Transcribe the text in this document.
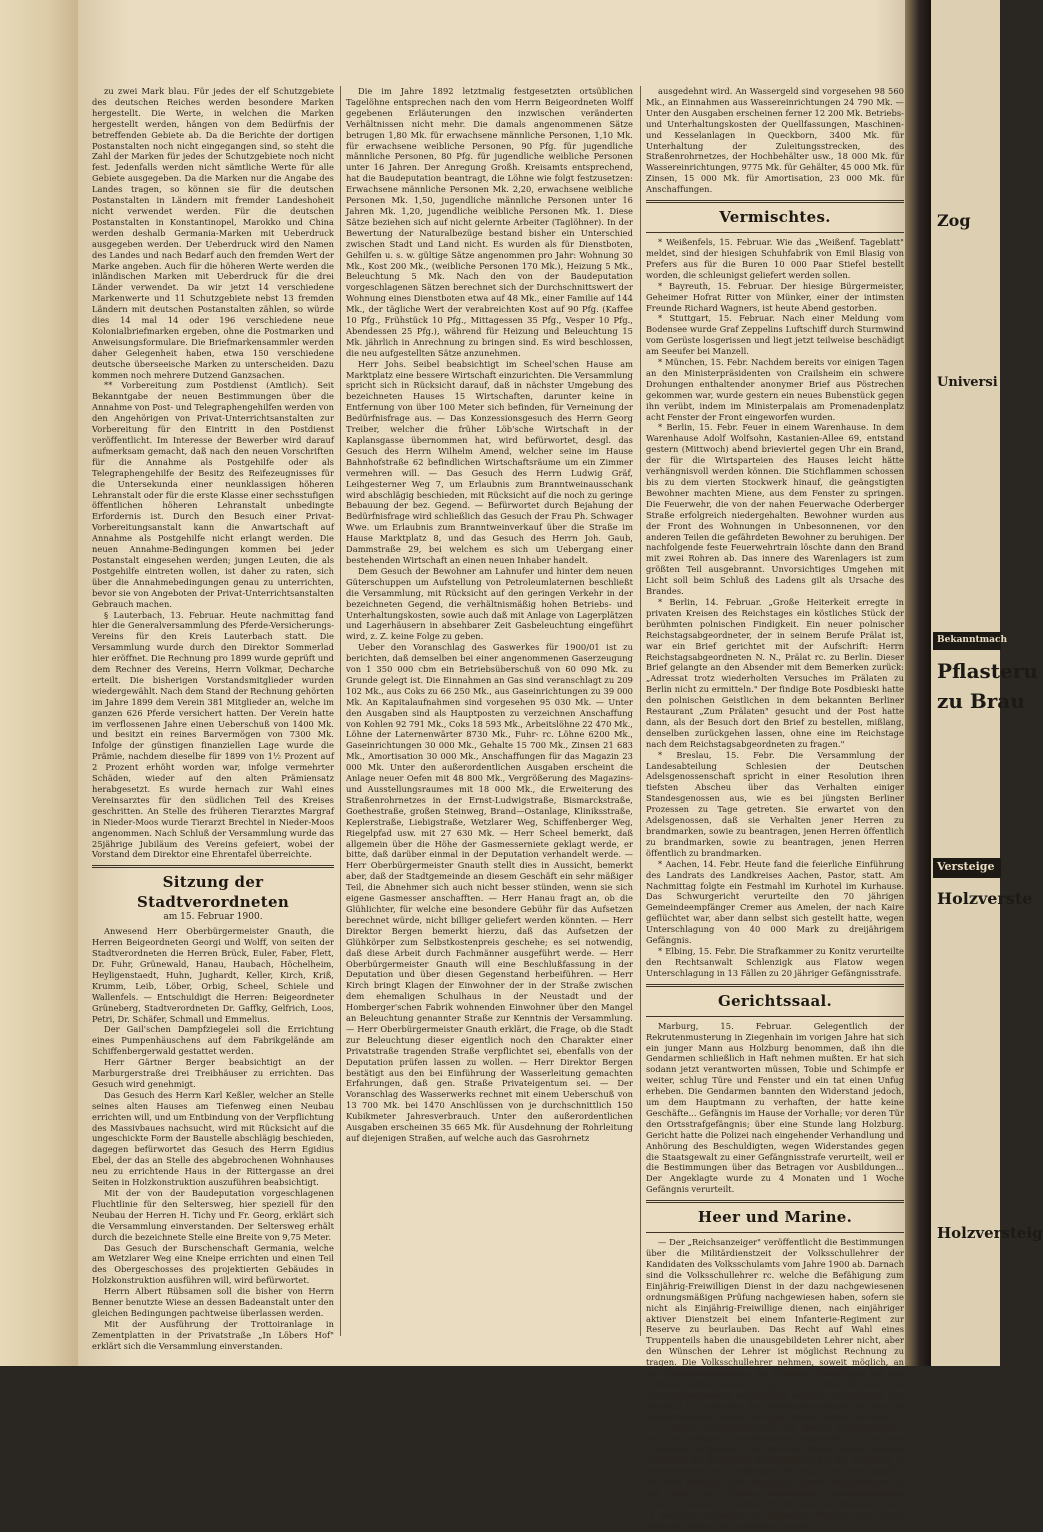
zu zwei Mark blau. Für jedes der elf Schutzgebiete des deutschen Reiches werden besondere Marken hergestellt. Die Werte, in welchen die Marken hergestellt werden, hängen von dem Bedürfnis der betreffenden Gebiete ab. Da die Berichte der dortigen Postanstalten noch nicht eingegangen sind, so steht die Zahl der Marken für jedes der Schutzgebiete noch nicht fest. Jedenfalls werden nicht sämtliche Werte für alle Gebiete ausgegeben. Da die Marken nur die Angabe des Landes tragen, so können sie für die deutschen Postanstalten in Ländern mit fremder Landeshoheit nicht verwendet werden. Für die deutschen Postanstalten in Konstantinopel, Marokko und China werden deshalb Germania-Marken mit Ueberdruck ausgegeben werden. Der Ueberdruck wird den Namen des Landes und nach Bedarf auch den fremden Wert der Marke angeben. Auch für die höheren Werte werden die inländischen Marken mit Ueberdruck für die drei Länder verwendet. Da wir jetzt 14 verschiedene Markenwerte und 11 Schutzgebiete nebst 13 fremden Ländern mit deutschen Postanstalten zählen, so würde dies 14 mal 14 oder 196 verschiedene neue Kolonialbriefmarken ergeben, ohne die Postmarken und Anweisungsformulare. Die Briefmarkensammler werden daher Gelegenheit haben, etwa 150 verschiedene deutsche überseeische Marken zu unterscheiden. Dazu kommen noch mehrere Dutzend Ganzsachen.

** Vorbereitung zum Postdienst (Amtlich). Seit Bekanntgabe der neuen Bestimmungen über die Annahme von Post- und Telegraphengehilfen werden von den Angehörigen von Privat-Unterrichtsanstalten zur Vorbereitung für den Eintritt in den Postdienst veröffentlicht. Im Interesse der Bewerber wird darauf aufmerksam gemacht, daß nach den neuen Vorschriften für die Annahme als Postgehilfe oder als Telegraphengehilfe der Besitz des Reifezeugnisses für die Untersekunda einer neunklassigen höheren Lehranstalt oder für die erste Klasse einer sechsstufigen öffentlichen höheren Lehranstalt unbedingte Erfordernis ist. Durch den Besuch einer Privat-Vorbereitungsanstalt kann die Anwartschaft auf Annahme als Postgehilfe nicht erlangt werden. Die neuen Annahme-Bedingungen kommen bei jeder Postanstalt eingesehen werden; jungen Leuten, die als Postgehilfe eintreten wollen, ist daher zu raten, sich über die Annahmebedingungen genau zu unterrichten, bevor sie von Angeboten der Privat-Unterrichtsanstalten Gebrauch machen.

§ Lauterbach, 13. Februar. Heute nachmittag fand hier die Generalversammlung des Pferde-Versicherungs-Vereins für den Kreis Lauterbach statt. Die Versammlung wurde durch den Direktor Sommerlad hier eröffnet. Die Rechnung pro 1899 wurde geprüft und dem Rechner des Vereins, Herrn Volkmar, Decharche erteilt. Die bisherigen Vorstandsmitglieder wurden wiedergewählt. Nach dem Stand der Rechnung gehörten im Jahre 1899 dem Verein 381 Mitglieder an, welche im ganzen 626 Pferde versichert hatten. Der Verein hatte im verflossenen Jahre einen Ueberschuß von 1400 Mk. und besitzt ein reines Barvermögen von 7300 Mk. Infolge der günstigen finanziellen Lage wurde die Prämie, nachdem dieselbe für 1899 von 1½ Prozent auf 2 Prozent erhöht worden war, infolge vermehrter Schäden, wieder auf den alten Prämiensatz herabgesetzt. Es wurde hernach zur Wahl eines Vereinsarztes für den südlichen Teil des Kreises geschritten. An Stelle des früheren Tierarztes Margraf in Nieder-Moos wurde Tierarzt Brechtel in Nieder-Moos angenommen. Nach Schluß der Versammlung wurde das 25jährige Jubiläum des Vereins gefeiert, wobei der Vorstand dem Direktor eine Ehrentafel überreichte.

Sitzung der Stadtverordneten
am 15. Februar 1900.

Anwesend Herr Oberbürgermeister Gnauth, die Herren Beigeordneten Georgi und Wolff, von seiten der Stadtverordneten die Herren Brück, Euler, Faber, Flett, Dr. Fuhr, Grünewald, Hanau, Haubach, Höchelheim, Heyligenstaedt, Huhn, Jughardt, Keller, Kirch, Kriß, Krumm, Leib, Löber, Orbig, Scheel, Schiele und Wallenfels. — Entschuldigt die Herren: Beigeordneter Grüneberg, Stadtverordneten Dr. Gaffky, Gelfrich, Loos, Petri, Dr. Schäfer, Schmall und Emmelius.

Der Gail'schen Dampfziegelei soll die Errichtung eines Pumpenhäuschens auf dem Fabrikgelände am Schiffenbergerwald gestattet werden.

Herr Gärtner Berger beabsichtigt an der Marburgerstraße drei Treibhäuser zu errichten. Das Gesuch wird genehmigt.

Das Gesuch des Herrn Karl Keßler, welcher an Stelle seines alten Hauses am Tiefenweg einen Neubau errichten will, und um Entbindung von der Verpflichtung des Massivbaues nachsucht, wird mit Rücksicht auf die ungeschickte Form der Baustelle abschlägig beschieden, dagegen befürwortet das Gesuch des Herrn Egidius Ebel, der das an Stelle des abgebrochenen Wohnhauses neu zu errichtende Haus in der Rittergasse an drei Seiten in Holzkonstruktion auszuführen beabsichtigt.

Mit der von der Baudeputation vorgeschlagenen Fluchtlinie für den Seltersweg, hier speziell für den Neubau der Herren H. Tichy und Fr. Georg, erklärt sich die Versammlung einverstanden. Der Seltersweg erhält durch die bezeichnete Stelle eine Breite von 9,75 Meter.

Das Gesuch der Burschenschaft Germania, welche am Wetzlarer Weg eine Kneipe errichten und einen Teil des Obergeschosses des projektierten Gebäudes in Holzkonstruktion ausführen will, wird befürwortet.

Herrn Albert Rübsamen soll die bisher von Herrn Benner benutzte Wiese an dessen Badeanstalt unter den gleichen Bedingungen pachtweise überlassen werden.

Mit der Ausführung der Trottoiranlage in Zementplatten in der Privatstraße „In Löbers Hof" erklärt sich die Versammlung einverstanden.

Die im Jahre 1892 letztmalig festgesetzten ortsüblichen Tagelöhne entsprechen nach den vom Herrn Beigeordneten Wolff gegebenen Erläuterungen den inzwischen veränderten Verhältnissen nicht mehr. Die damals angenommenen Sätze betrugen 1,80 Mk. für erwachsene männliche Personen, 1,10 Mk. für erwachsene weibliche Personen, 90 Pfg. für jugendliche männliche Personen, 80 Pfg. für jugendliche weibliche Personen unter 16 Jahren. Der Anregung Großh. Kreisamts entsprechend, hat die Baudeputation beantragt, die Löhne wie folgt festzusetzen: Erwachsene männliche Personen Mk. 2,20, erwachsene weibliche Personen Mk. 1,50, jugendliche männliche Personen unter 16 Jahren Mk. 1,20, jugendliche weibliche Personen Mk. 1. Diese Sätze beziehen sich auf nicht gelernte Arbeiter (Taglöhner). In der Bewertung der Naturalbezüge bestand bisher ein Unterschied zwischen Stadt und Land nicht. Es wurden als für Dienstboten, Gehilfen u. s. w. gültige Sätze angenommen pro Jahr: Wohnung 30 Mk., Kost 200 Mk., (weibliche Personen 170 Mk.), Heizung 5 Mk., Beleuchtung 5 Mk. Nach den von der Baudeputation vorgeschlagenen Sätzen berechnet sich der Durchschnittswert der Wohnung eines Dienstboten etwa auf 48 Mk., einer Familie auf 144 Mk., der tägliche Wert der verabreichten Kost auf 90 Pfg. (Kaffee 10 Pfg., Frühstück 10 Pfg., Mittagessen 35 Pfg., Vesper 10 Pfg., Abendessen 25 Pfg.), während für Heizung und Beleuchtung 15 Mk. jährlich in Anrechnung zu bringen sind. Es wird beschlossen, die neu aufgestellten Sätze anzunehmen.

Herr Johs. Seibel beabsichtigt im Scheel'schen Hause am Marktplatz eine bessere Wirtschaft einzurichten. Die Versammlung spricht sich in Rücksicht darauf, daß in nächster Umgebung des bezeichneten Hauses 15 Wirtschaften, darunter keine in Entfernung von über 100 Meter sich befinden, für Verneinung der Bedürfnisfrage aus. — Das Konzessionsgesuch des Herrn Georg Treiber, welcher die früher Löb'sche Wirtschaft in der Kaplansgasse übernommen hat, wird befürwortet, desgl. das Gesuch des Herrn Wilhelm Amend, welcher seine im Hause Bahnhofstraße 62 befindlichen Wirtschaftsräume um ein Zimmer vermehren will. — Das Gesuch des Herrn Ludwig Gräf, Leihgesterner Weg 7, um Erlaubnis zum Branntweinausschank wird abschlägig beschieden, mit Rücksicht auf die noch zu geringe Bebauung der bez. Gegend. — Befürwortet durch Bejahung der Bedürfnisfrage wird schließlich das Gesuch der Frau Ph. Schwager Wwe. um Erlaubnis zum Branntweinverkauf über die Straße im Hause Marktplatz 8, und das Gesuch des Herrn Joh. Gaub, Dammstraße 29, bei welchem es sich um Uebergang einer bestehenden Wirtschaft an einen neuen Inhaber handelt.

Dem Gesuch der Bewohner am Lahnufer und hinter dem neuen Güterschuppen um Aufstellung von Petroleumlaternen beschließt die Versammlung, mit Rücksicht auf den geringen Verkehr in der bezeichneten Gegend, die verhältnismäßig hohen Betriebs- und Unterhaltungskosten, sowie auch daß mit Anlage von Lagerplätzen und Lagerhäusern in absehbarer Zeit Gasbeleuchtung eingeführt wird, z. Z. keine Folge zu geben.

Ueber den Voranschlag des Gaswerkes für 1900/01 ist zu berichten, daß demselben bei einer angenommenen Gaserzeugung von 1 350 000 cbm ein Betriebsüberschuß von 60 090 Mk. zu Grunde gelegt ist. Die Einnahmen an Gas sind veranschlagt zu 209 102 Mk., aus Coks zu 66 250 Mk., aus Gaseinrichtungen zu 39 000 Mk. An Kapitalaufnahmen sind vorgesehen 95 030 Mk. — Unter den Ausgaben sind als Hauptposten zu verzeichnen Anschaffung von Kohlen 92 791 Mk., Coks 18 593 Mk., Arbeitslöhne 22 470 Mk., Löhne der Laternenwärter 8730 Mk., Fuhr- rc. Löhne 6200 Mk., Gaseinrichtungen 30 000 Mk., Gehalte 15 700 Mk., Zinsen 21 683 Mk., Amortisation 30 000 Mk., Anschaffungen für das Magazin 23 000 Mk. Unter den außerordentlichen Ausgaben erscheint die Anlage neuer Oefen mit 48 800 Mk., Vergrößerung des Magazins- und Ausstellungsraumes mit 18 000 Mk., die Erweiterung des Straßenrohrnetzes in der Ernst-Ludwigstraße, Bismarckstraße, Goethestraße, großen Steinweg, Brand—Ostanlage, Kliniksstraße, Keplerstraße, Liebigstraße, Wetzlarer Weg, Schiffenberger Weg, Riegelpfad usw. mit 27 630 Mk. — Herr Scheel bemerkt, daß allgemein über die Höhe der Gasmesserniete geklagt werde, er bitte, daß darüber einmal in der Deputation verhandelt werde. — Herr Oberbürgermeister Gnauth stellt dies in Aussicht, bemerkt aber, daß der Stadtgemeinde an diesem Geschäft ein sehr mäßiger Teil, die Abnehmer sich auch nicht besser stünden, wenn sie sich eigene Gasmesser anschafften. — Herr Hanau fragt an, ob die Glühlichter, für welche eine besondere Gebühr für das Aufsetzen berechnet würde, nicht billiger geliefert werden könnten. — Herr Direktor Bergen bemerkt hierzu, daß das Aufsetzen der Glühkörper zum Selbstkostenpreis geschehe; es sei notwendig, daß diese Arbeit durch Fachmänner ausgeführt werde. — Herr Oberbürgermeister Gnauth will eine Beschlußfassung in der Deputation und über diesen Gegenstand herbeiführen. — Herr Kirch bringt Klagen der Einwohner der in der Straße zwischen dem ehemaligen Schulhaus in der Neustadt und der Homberger'schen Fabrik wohnenden Einwohner über den Mangel an Beleuchtung genannter Straße zur Kenntnis der Versammlung. — Herr Oberbürgermeister Gnauth erklärt, die Frage, ob die Stadt zur Beleuchtung dieser eigentlich noch den Charakter einer Privatstraße tragenden Straße verpflichtet sei, ebenfalls von der Deputation prüfen lassen zu wollen. — Herr Direktor Bergen bestätigt aus den bei Einführung der Wasserleitung gemachten Erfahrungen, daß gen. Straße Privateigentum sei. — Der Voranschlag des Wasserwerks rechnet mit einem Ueberschuß von 13 700 Mk. bei 1470 Anschlüssen von je durchschnittlich 150 Kubikmeter Jahresverbrauch. Unter den außerordentlichen Ausgaben erscheinen 35 665 Mk. für Ausdehnung der Rohrleitung auf diejenigen Straßen, auf welche auch das Gasrohrnetz

ausgedehnt wird. An Wassergeld sind vorgesehen 98 560 Mk., an Einnahmen aus Wassereinrichtungen 24 790 Mk. — Unter den Ausgaben erscheinen ferner 12 200 Mk. Betriebs- und Unterhaltungskosten der Quellfassungen, Maschinen- und Kesselanlagen in Queckborn, 3400 Mk. für Unterhaltung der Zuleitungsstrecken, des Straßenrohrnetzes, der Hochbehälter usw., 18 000 Mk. für Wassereinrichtungen, 9775 Mk. für Gehälter, 45 000 Mk. für Zinsen, 15 000 Mk. für Amortisation, 23 000 Mk. für Anschaffungen.

Vermischtes.

* Weißenfels, 15. Februar. Wie das „Weißenf. Tageblatt" meldet, sind der hiesigen Schuhfabrik von Emil Blasig von Prefers aus für die Buren 10 000 Paar Stiefel bestellt worden, die schleunigst geliefert werden sollen.

* Bayreuth, 15. Februar. Der hiesige Bürgermeister, Geheimer Hofrat Ritter von Münker, einer der intimsten Freunde Richard Wagners, ist heute Abend gestorben.

* Stuttgart, 15. Februar. Nach einer Meldung vom Bodensee wurde Graf Zeppelins Luftschiff durch Sturmwind vom Gerüste losgerissen und liegt jetzt teilweise beschädigt am Seeufer bei Manzell.

* München, 15. Febr. Nachdem bereits vor einigen Tagen an den Ministerpräsidenten von Crailsheim ein schwere Drohungen enthaltender anonymer Brief aus Pöstrechen gekommen war, wurde gestern ein neues Bubenstück gegen ihn verübt, indem im Ministerpalais am Promenadenplatz acht Fenster der Front eingeworfen wurden.

* Berlin, 15. Febr. Feuer in einem Warenhause. In dem Warenhause Adolf Wolfsohn, Kastanien-Allee 69, entstand gestern (Mittwoch) abend brieviertel gegen Uhr ein Brand, der für die Wirtsparteien des Hauses leicht hätte verhängnisvoll werden können. Die Stichflammen schossen bis zu dem vierten Stockwerk hinauf, die geängstigten Bewohner machten Miene, aus dem Fenster zu springen. Die Feuerwehr, die von der nahen Feuerwache Oderberger Straße erfolgreich niedergehalten. Bewohner wurden aus der Front des Wohnungen in Unbesonnenen, vor den anderen Teilen die gefährdeten Bewohner zu beruhigen. Der nachfolgende feste Feuerwehrtrain löschte dann den Brand mit zwei Rohren ab. Das innere des Warenlagers ist zum größten Teil ausgebrannt. Unvorsichtiges Umgehen mit Licht soll beim Schluß des Ladens gilt als Ursache des Brandes.

* Berlin, 14. Februar. „Große Heiterkeit erregte in privaten Kreisen des Reichstages ein köstliches Stück der berühmten polnischen Findigkeit. Ein neuer polnischer Reichstagsabgeordneter, der in seinem Berufe Prälat ist, war ein Brief gerichtet mit der Aufschrift: Herrn Reichstagsabgeordneten N. N., Prälat rc. zu Berlin. Dieser Brief gelangte an den Absender mit dem Bemerken zurück: „Adressat trotz wiederholten Versuches im Prälaten zu Berlin nicht zu ermitteln." Der findige Bote Posdbieski hatte den polnischen Geistlichen in dem bekannten Berliner Restaurant „Zum Prälaten" gesucht und der Post hatte dann, als der Besuch dort den Brief zu bestellen, mißlang, denselben zurückgehen lassen, ohne eine im Reichstage nach dem Reichstagsabgeordneten zu fragen."

* Breslau, 15. Febr. Die Versammlung der Landesabteilung Schlesien der Deutschen Adelsgenossenschaft spricht in einer Resolution ihren tiefsten Abscheu über das Verhalten einiger Standesgenossen aus, wie es bei jüngsten Berliner Prozessen zu Tage getreten. Sie erwartet von den Adelsgenossen, daß sie Verhalten jener Herren zu brandmarken, sowie zu beantragen, jenen Herren öffentlich zu brandmarken, sowie zu beantragen, jenen Herren öffentlich zu brandmarken.

* Aachen, 14. Febr. Heute fand die feierliche Einführung des Landrats des Landkreises Aachen, Pastor, statt. Am Nachmittag folgte ein Festmahl im Kurhotel im Kurhause. Das Schwurgericht verurteilte den 70 jährigen Gemeindeempfänger Cremer aus Amelen, der nach Kaire geflüchtet war, aber dann selbst sich gestellt hatte, wegen Unterschlagung von 40 000 Mark zu dreijährigem Gefängnis.

* Elbing, 15. Febr. Die Strafkammer zu Konitz verurteilte den Rechtsanwalt Schlenzigk aus Flatow wegen Unterschlagung in 13 Fällen zu 20 jähriger Gefängnisstrafe.

Gerichtssaal.

Marburg, 15. Februar. Gelegentlich der Rekrutenmusterung in Ziegenhain im vorigen Jahre hat sich ein junger Mann aus Holzburg benommen, daß ihn die Gendarmen schließlich in Haft nehmen mußten. Er hat sich sodann jetzt verantworten müssen, Tobie und Schimpfe er weiter, schlug Türe und Fenster und ein tat einen Unfug erheben. Die Gendarmen bannten den Widerstand jedoch, um dem Hauptmann zu verhaften, der hatte keine Geschäfte... Gefängnis im Hause der Vorhalle; vor deren Tür den Ortsstrafgefängnis; über eine Stunde lang Holzburg. Gericht hatte die Polizei nach eingehender Verhandlung und Anhörung des Beschuldigten, wegen Widerstandes gegen die Staatsgewalt zu einer Gefängnisstrafe verurteilt, weil er die Bestimmungen über das Betragen vor Ausbildungen... Der Angeklagte wurde zu 4 Monaten und 1 Woche Gefängnis verurteilt.

Heer und Marine.

— Der „Reichsanzeiger" veröffentlicht die Bestimmungen über die Militärdienstzeit der Volksschullehrer der Kandidaten des Volksschulamts vom Jahre 1900 ab. Darnach sind die Volksschullehrer rc. welche die Befähigung zum Einjährig-Freiwilligen Dienst in der dazu nachgewiesenen ordnungsmäßigen Prüfung nachgewiesen haben, sofern sie nicht als Einjährig-Freiwillige dienen, nach einjähriger aktiver Dienstzeit bei einem Infanterie-Regiment zur Reserve zu beurlauben. Das Recht auf Wahl eines Truppenteils haben die unausgebildeten Lehrer nicht, aber den Wünschen der Lehrer ist möglichst Rechnung zu tragen. Die Volksschullehrer nehmen, soweit möglich, an der Rekrutenausbildung der Einjährig-Freiwilligen teil und erhalten neben dieser, zugleich, zu Unteroffizieren des Beurlaubtenstandes ausgebildet werden. Hinsichtlich der Auswahl zu Uebungen der Beurlaubtenstandes werden die Volksschullehrer wie die übrigen Mannschaften behandelt.

* Militär-Luftschifferwesen. Die oberste Militärbehörde, der das Militär-Luftschifferwesen unterstellt ist, hat den Grundsatz aufgestellt, daß nur den Ballon beobachtenden Offizieren die besondere Weiterbildung bei der Abteilung in theoretischer wie praktischer Richtung erhalten müssen. Mit dem heutigen Jahre beginnend findet infolgedessen ein auf etwa vier Monate berechneter, neunmonatlicher Unterrichts-Kurs für sämtliche Offiziere der Abteilung statt, in welchem dieselben in folgenden Fächern und durch folgende Stellen weitergebildet werden:

Zog
Universi
Bekanntmach
Pflasteru
zu Brau
Versteige
Holzverste
Holzversteig
